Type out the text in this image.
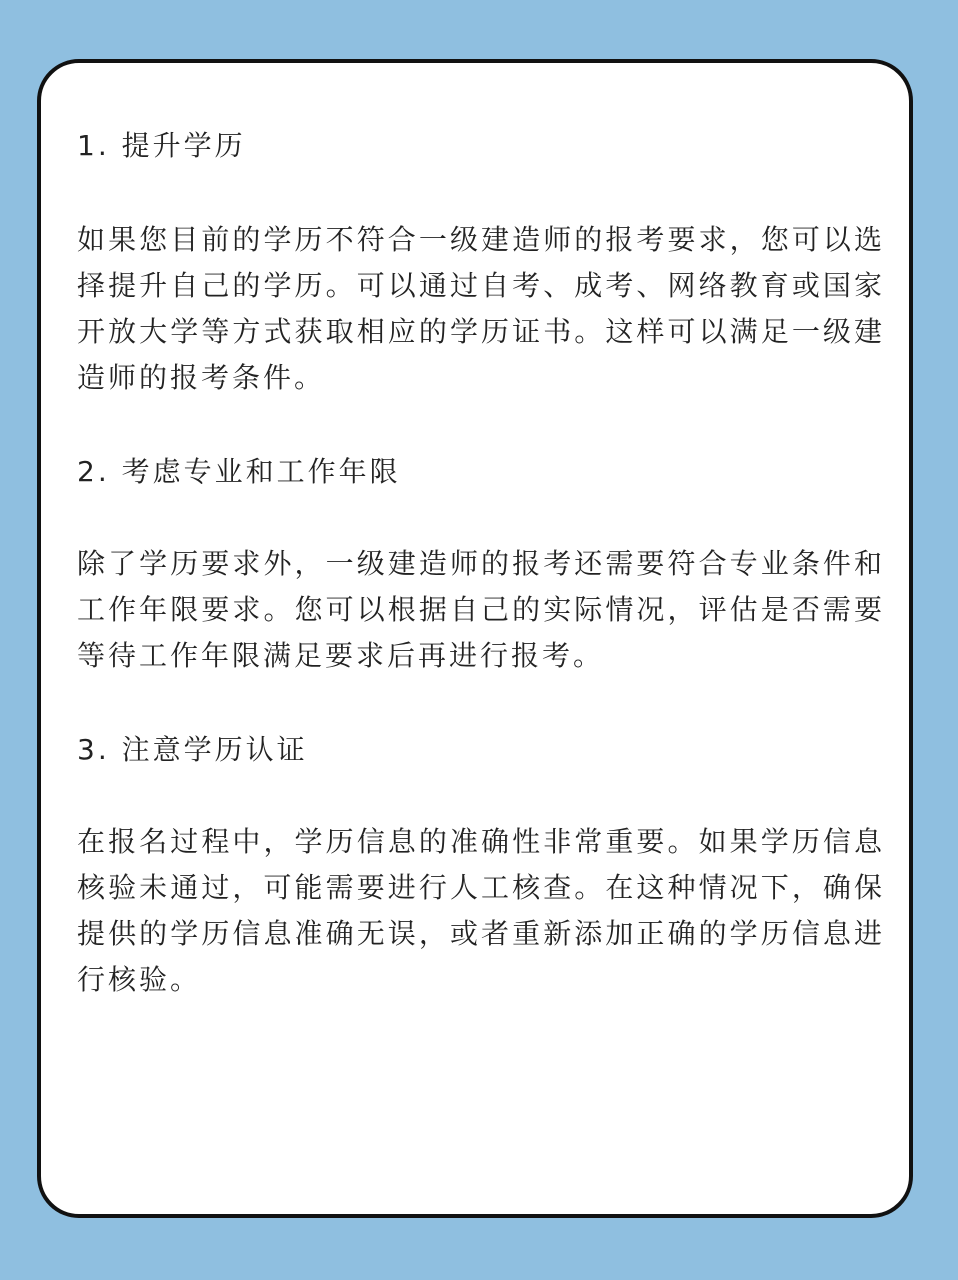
1. 提升学历

如果您目前的学历不符合一级建造师的报考要求，您可以选择提升自己的学历。可以通过自考、成考、网络教育或国家开放大学等方式获取相应的学历证书。这样可以满足一级建造师的报考条件。

2. 考虑专业和工作年限

除了学历要求外，一级建造师的报考还需要符合专业条件和工作年限要求。您可以根据自己的实际情况，评估是否需要等待工作年限满足要求后再进行报考。

3. 注意学历认证

在报名过程中，学历信息的准确性非常重要。如果学历信息核验未通过，可能需要进行人工核查。在这种情况下，确保提供的学历信息准确无误，或者重新添加正确的学历信息进行核验。
